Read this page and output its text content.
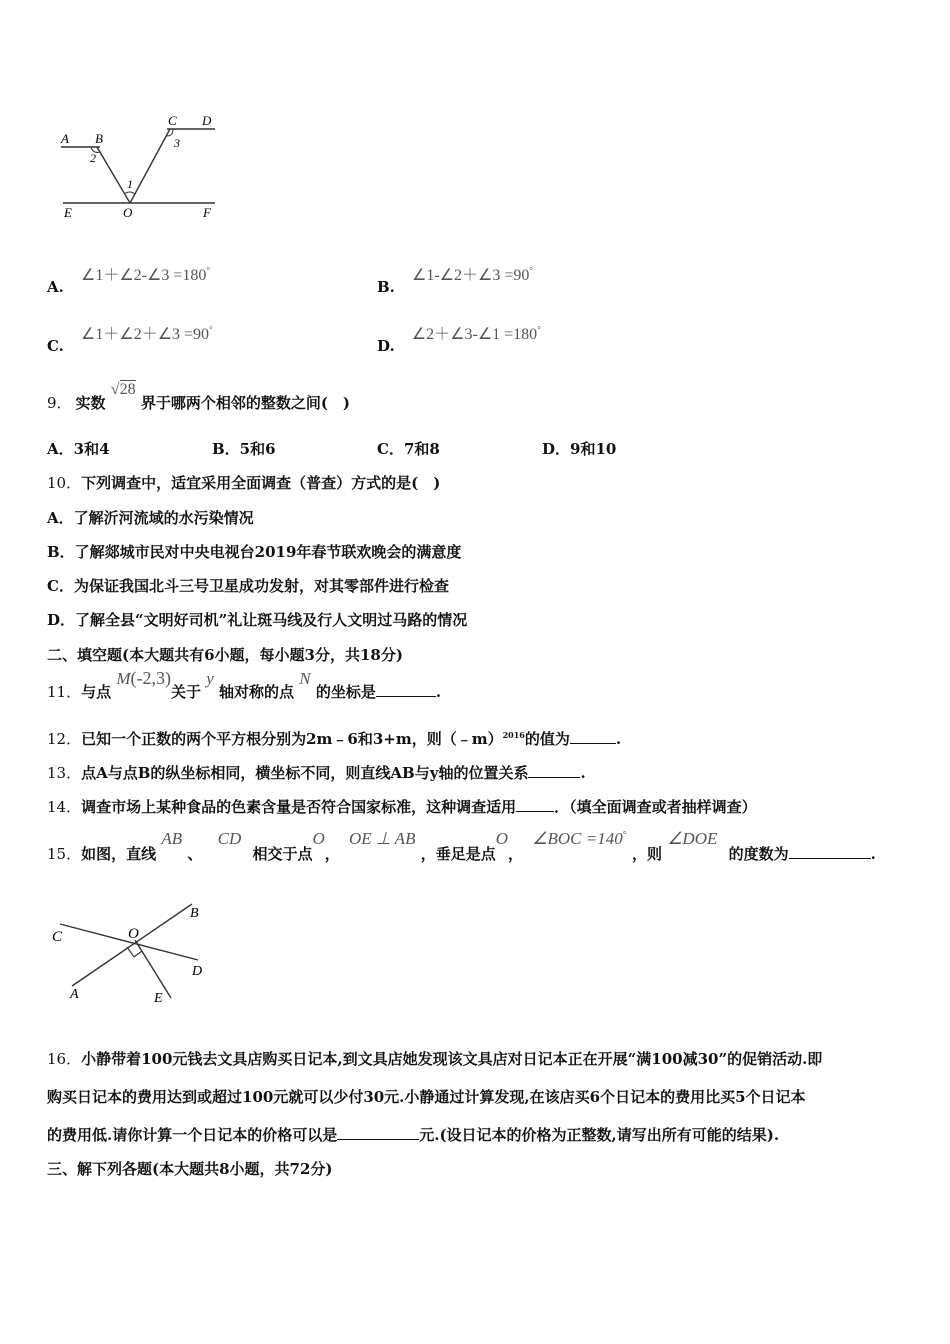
A B
C D
E	O	F
1
2
3
A. ∠1＋∠2-∠3 =180°
B. ∠1-∠2＋∠3 =90°
C. ∠1＋∠2＋∠3 =90°
D. ∠2＋∠3-∠1 =180°
9． 实数 √28 界于哪两个相邻的整数之间(　)
A．3和4	B．5和6	C．7和8	D．9和10
10．下列调查中，适宜采用全面调查（普查）方式的是(　)
A．了解沂河流域的水污染情况
B．了解郯城市民对中央电视台2019年春节联欢晚会的满意度
C．为保证我国北斗三号卫星成功发射，对其零部件进行检查
D．了解全县“文明好司机”礼让斑马线及行人文明过马路的情况
二、填空题(本大题共有6小题，每小题3分，共18分)
11．与点 M(-2,3)关于 y 轴对称的点 N 的坐标是	.
12．已知一个正数的两个平方根分别为2m﹣6和3+m，则（﹣m）$^{2016}$的值为	.
13．点A与点B的纵坐标相同，横坐标不同，则直线AB与y轴的位置关系	.
14．调查市场上某种食品的色素含量是否符合国家标准，这种调查适用	．（填全面调查或者抽样调查）
15．如图，直线 AB 、 CD 相交于点O， OE ⊥ AB ，垂足是点O， ∠BOC =140° ，则 ∠DOE 的度数为	.
C	O
B
D
A	E
16．小静带着100元钱去文具店购买日记本,到文具店她发现该文具店对日记本正在开展“满100减30”的促销活动.即
购买日记本的费用达到或超过100元就可以少付30元.小静通过计算发现,在该店买6个日记本的费用比买5个日记本
的费用低.请你计算一个日记本的价格可以是	元.(设日记本的价格为正整数,请写出所有可能的结果).
三、解下列各题(本大题共8小题，共72分)
